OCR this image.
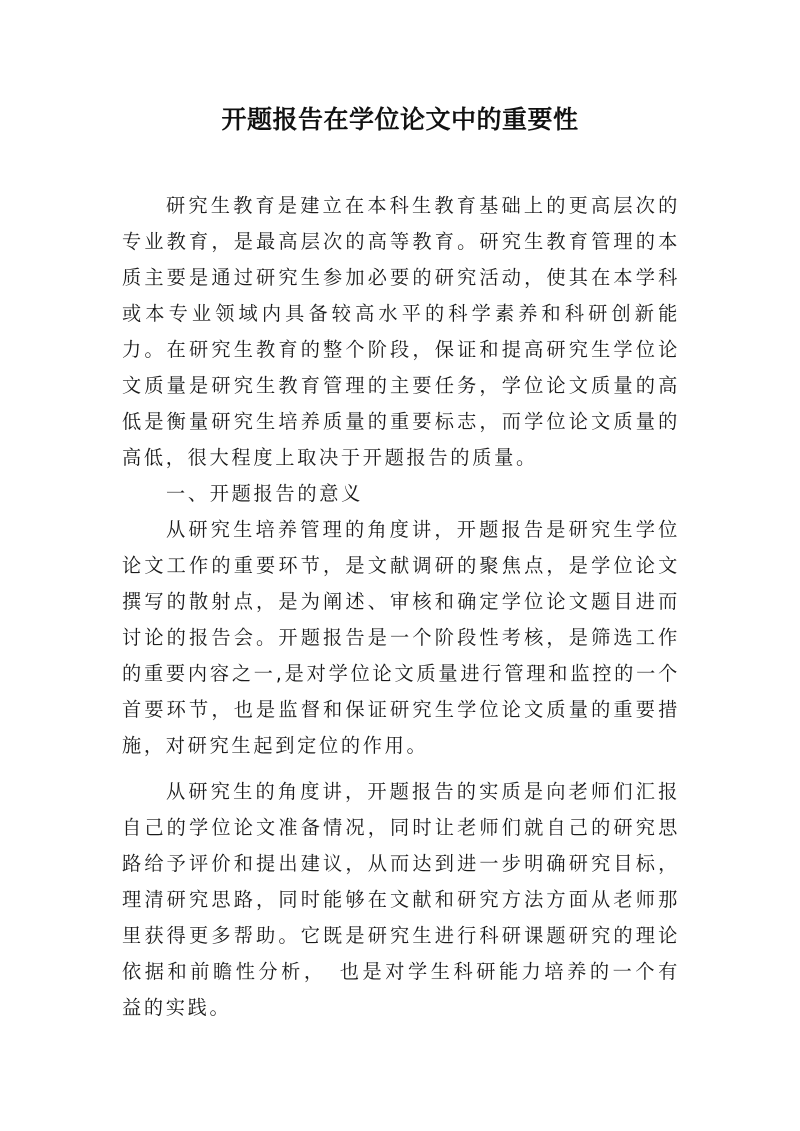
开题报告在学位论文中的重要性

研究生教育是建立在本科生教育基础上的更高层次的专业教育，是最高层次的高等教育。研究生教育管理的本质主要是通过研究生参加必要的研究活动，使其在本学科或本专业领域内具备较高水平的科学素养和科研创新能力。在研究生教育的整个阶段，保证和提高研究生学位论文质量是研究生教育管理的主要任务，学位论文质量的高低是衡量研究生培养质量的重要标志，而学位论文质量的高低，很大程度上取决于开题报告的质量。

一、开题报告的意义

从研究生培养管理的角度讲，开题报告是研究生学位论文工作的重要环节，是文献调研的聚焦点，是学位论文撰写的散射点，是为阐述、审核和确定学位论文题目进而讨论的报告会。开题报告是一个阶段性考核，是筛选工作的重要内容之一,是对学位论文质量进行管理和监控的一个首要环节，也是监督和保证研究生学位论文质量的重要措施，对研究生起到定位的作用。

从研究生的角度讲，开题报告的实质是向老师们汇报自己的学位论文准备情况，同时让老师们就自己的研究思路给予评价和提出建议，从而达到进一步明确研究目标，理清研究思路，同时能够在文献和研究方法方面从老师那里获得更多帮助。它既是研究生进行科研课题研究的理论依据和前瞻性分析，　也是对学生科研能力培养的一个有益的实践。
